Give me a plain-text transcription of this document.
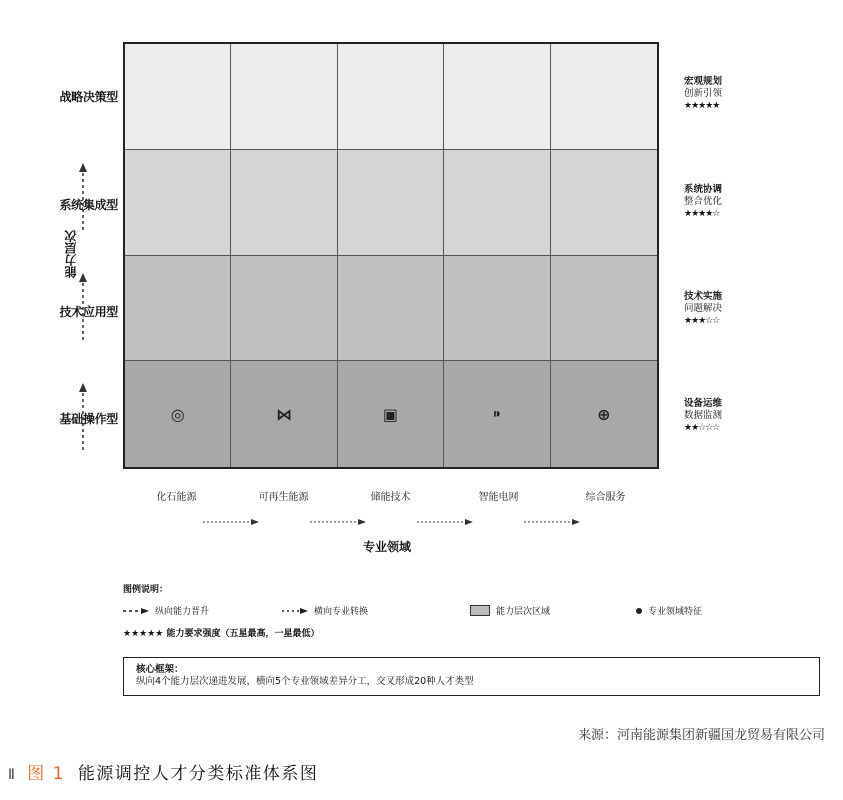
◎	⋈	▣	⁍	⊕
战略决策型
系统集成型
技术应用型
基础操作型
能力层次
宏观规划
创新引领
★★★★★
系统协调
整合优化
★★★★☆
技术实施
问题解决
★★★☆☆
设备运维
数据监测
★★☆☆☆
化石能源	可再生能源	储能技术	智能电网	综合服务
专业领域
图例说明：
纵向能力晋升	横向专业转换	能力层次区域	专业领域特征
★★★★★ 能力要求强度（五星最高，一星最低）
核心框架：
纵向4个能力层次递进发展，横向5个专业领域差异分工，交叉形成20种人才类型
来源：河南能源集团新疆国龙贸易有限公司
Ⅱ 图 1 能源调控人才分类标准体系图
